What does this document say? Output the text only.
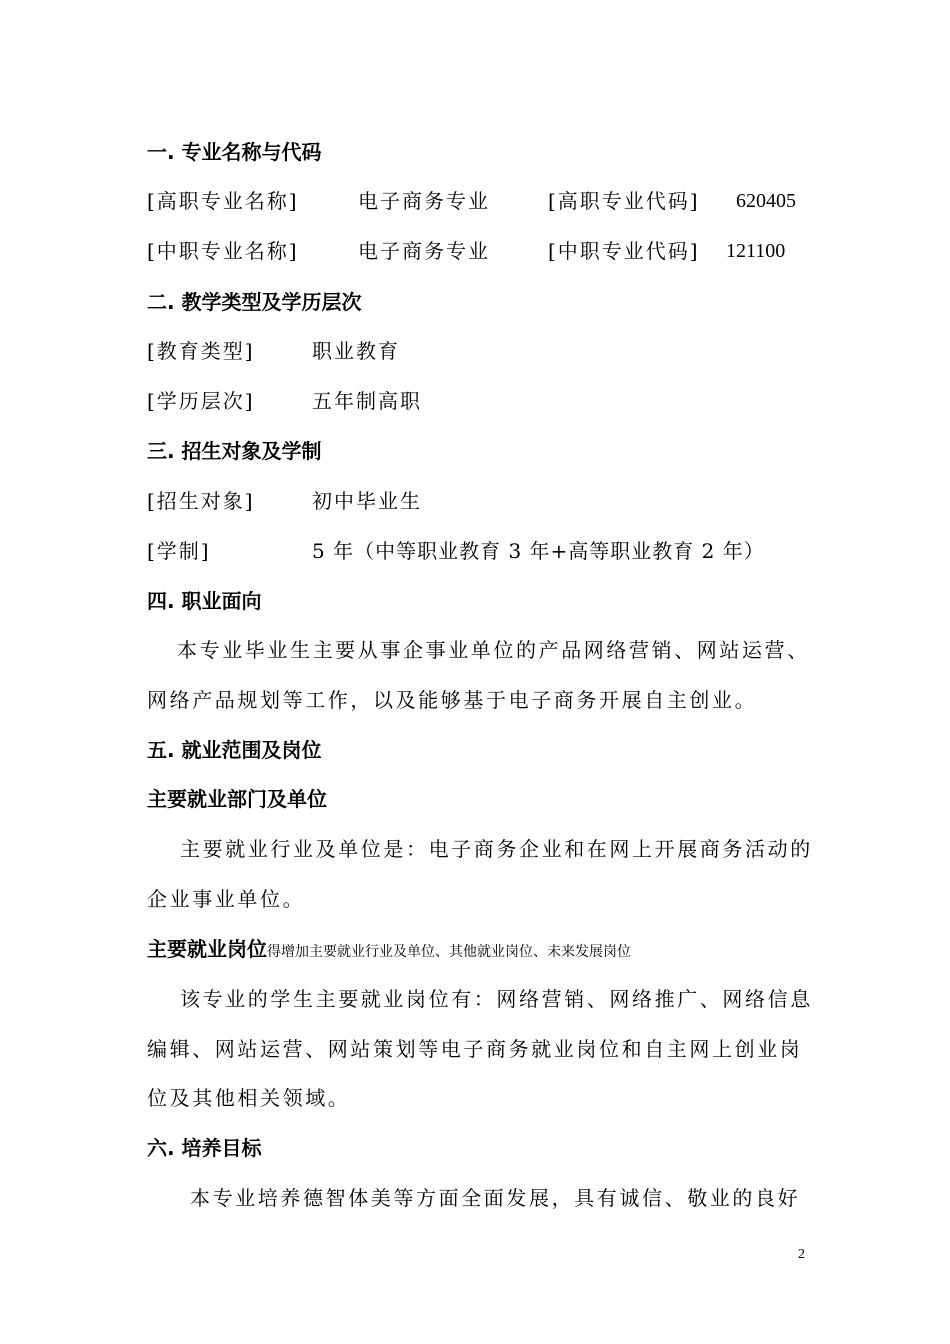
一. 专业名称与代码
[高职专业名称]	电子商务专业	[高职专业代码] 620405
[中职专业名称]	电子商务专业	[中职专业代码] 121100
二. 教学类型及学历层次
[教育类型]	职业教育
[学历层次]	五年制高职
三. 招生对象及学制
[招生对象]	初中毕业生
[学制]	5 年（中等职业教育 3 年+高等职业教育 2 年）
四. 职业面向
本专业毕业生主要从事企事业单位的产品网络营销、网站运营、
网络产品规划等工作，以及能够基于电子商务开展自主创业。
五. 就业范围及岗位
主要就业部门及单位
主要就业行业及单位是：电子商务企业和在网上开展商务活动的
企业事业单位。
主要就业岗位得增加主要就业行业及单位、其他就业岗位、未来发展岗位
该专业的学生主要就业岗位有：网络营销、网络推广、网络信息
编辑、网站运营、网站策划等电子商务就业岗位和自主网上创业岗
位及其他相关领域。
六. 培养目标
本专业培养德智体美等方面全面发展，具有诚信、敬业的良好
2
